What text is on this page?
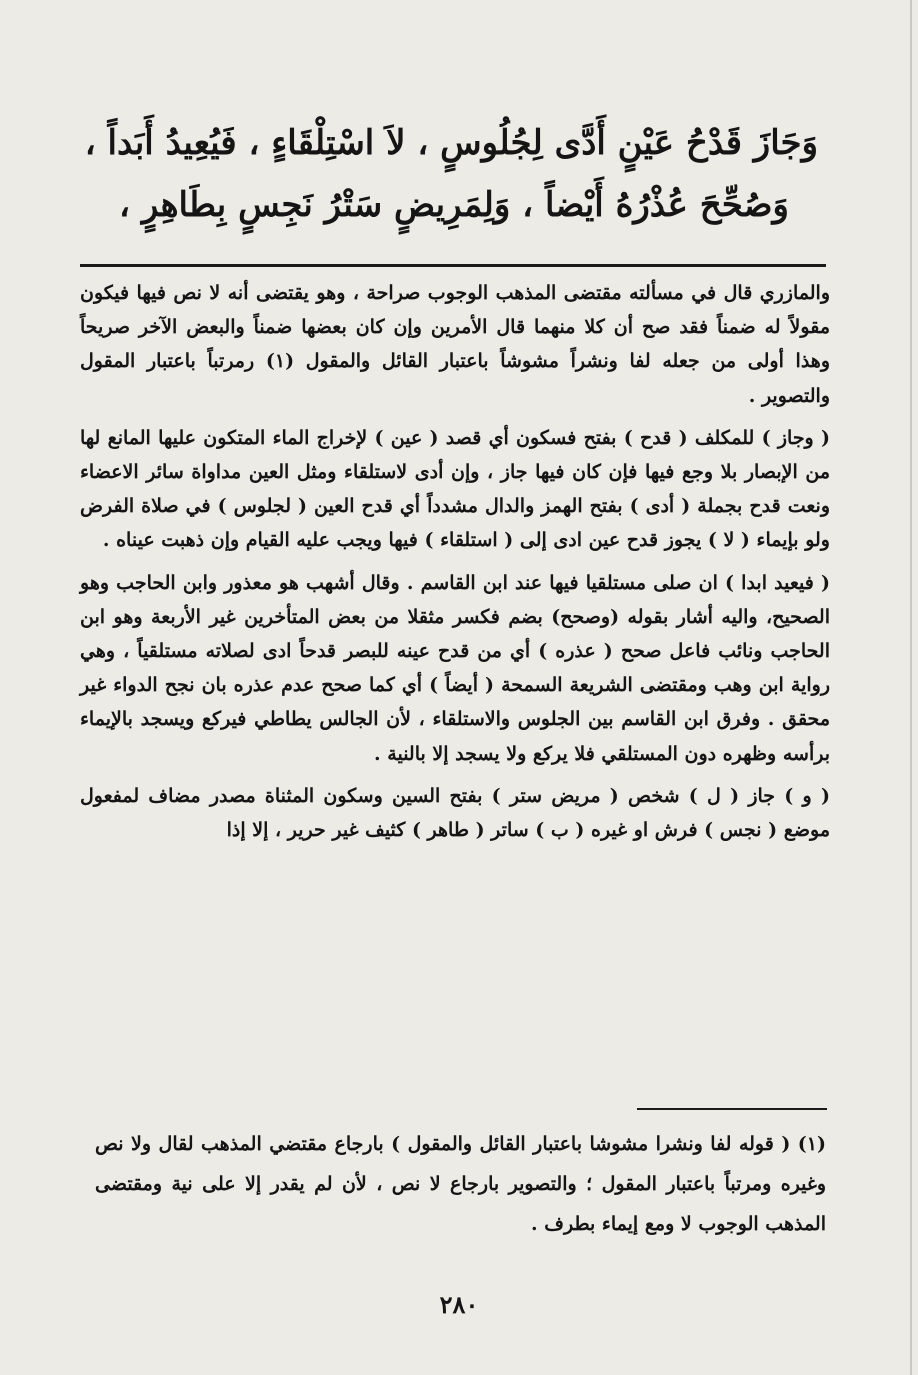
وَجَازَ قَدْحُ عَيْنٍ أَدَّى لِجُلُوسٍ ، لاَ اسْتِلْقَاءٍ ، فَيُعِيدُ أَبَداً ،
وَصُحِّحَ عُذْرُهُ أَيْضاً ، وَلِمَرِيضٍ سَتْرُ نَجِسٍ بِطَاهِرٍ ،

والمازري قال في مسألته مقتضى المذهب الوجوب صراحة ، وهو يقتضى أنه لا نص فيها فيكون مقولاً له ضمناً فقد صح أن كلا منهما قال الأمرين وإن كان بعضها ضمناً والبعض الآخر صريحاً وهذا أولى من جعله لفا ونشراً مشوشاً باعتبار القائل والمقول (١) رمرتباً باعتبار المقول والتصوير .

( وجاز ) للمكلف ( قدح ) بفتح فسكون أي قصد ( عين ) لإخراج الماء المتكون عليها المانع لها من الإبصار بلا وجع فيها فإن كان فيها جاز ، وإن أدى لاستلقاء ومثل العين مداواة سائر الاعضاء ونعت قدح بجملة ( أدى ) بفتح الهمز والدال مشدداً أي قدح العين ( لجلوس ) في صلاة الفرض ولو بإيماء ( لا ) يجوز قدح عين ادى إلى ( استلقاء ) فيها ويجب عليه القيام وإن ذهبت عيناه .

( فيعيد ابدا ) ان صلى مستلقيا فيها عند ابن القاسم . وقال أشهب هو معذور وابن الحاجب وهو الصحيح، واليه أشار بقوله (وصحح) بضم فكسر مثقلا من بعض المتأخرين غير الأربعة وهو ابن الحاجب ونائب فاعل صحح ( عذره ) أي من قدح عينه للبصر قدحاً ادى لصلاته مستلقياً ، وهي رواية ابن وهب ومقتضى الشريعة السمحة ( أيضاً ) أي كما صحح عدم عذره بان نجح الدواء غير محقق . وفرق ابن القاسم بين الجلوس والاستلقاء ، لأن الجالس يطاطي فيركع ويسجد بالإيماء برأسه وظهره دون المستلقي فلا يركع ولا يسجد إلا بالنية .

( و ) جاز ( ل ) شخص ( مريض ستر ) بفتح السين وسكون المثناة مصدر مضاف لمفعول موضع ( نجس ) فرش او غيره ( ب ) ساتر ( طاهر ) كثيف غير حرير ، إلا إذا

(١) ( قوله لفا ونشرا مشوشا باعتبار القائل والمقول ) بارجاع مقتضي المذهب لقال ولا نص وغيره ومرتباً باعتبار المقول ؛ والتصوير بارجاع لا نص ، لأن لم يقدر إلا على نية ومقتضى المذهب الوجوب لا ومع إيماء بطرف .

٢٨٠
